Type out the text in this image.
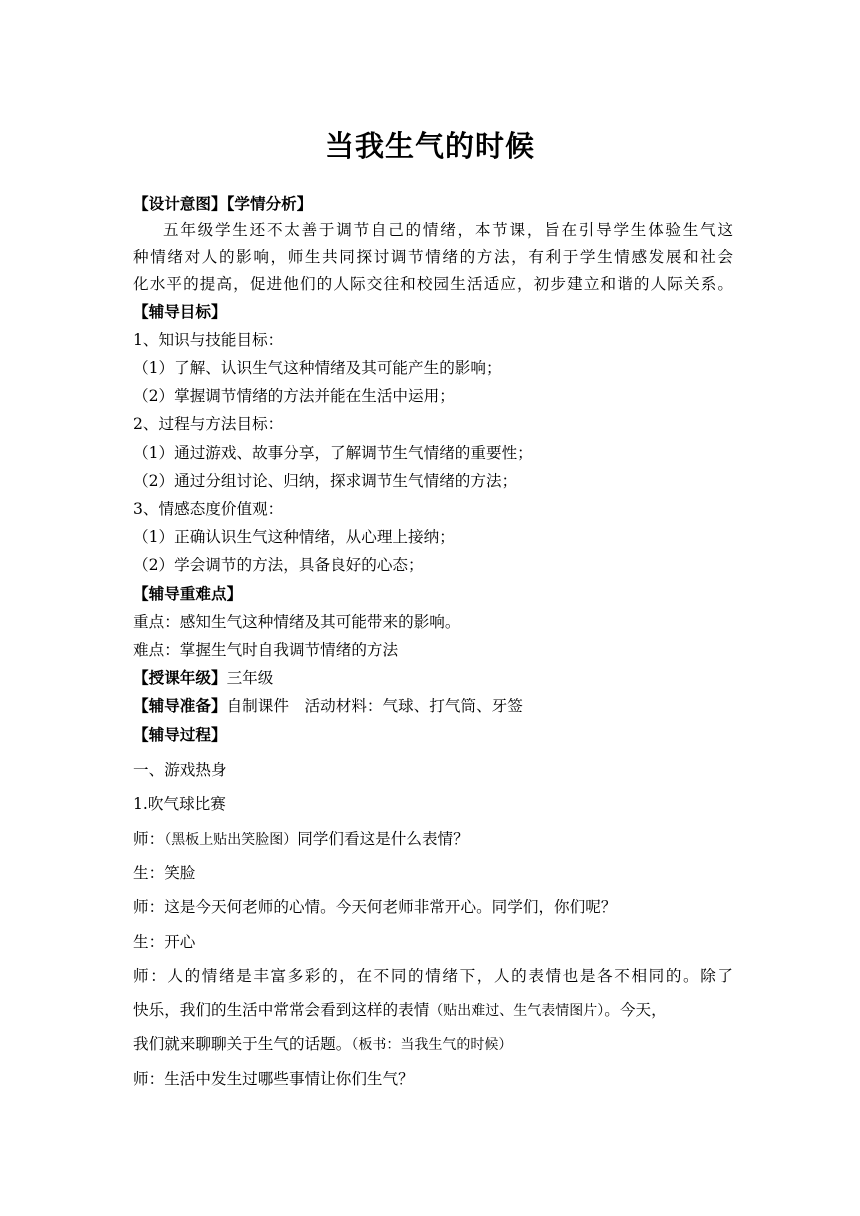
当我生气的时候
【设计意图】【学情分析】
五年级学生还不太善于调节自己的情绪，本节课，旨在引导学生体验生气这
种情绪对人的影响，师生共同探讨调节情绪的方法，有利于学生情感发展和社会
化水平的提高，促进他们的人际交往和校园生活适应，初步建立和谐的人际关系。
【辅导目标】
1、知识与技能目标：
（1）了解、认识生气这种情绪及其可能产生的影响；
（2）掌握调节情绪的方法并能在生活中运用；
2、过程与方法目标：
（1）通过游戏、故事分享，了解调节生气情绪的重要性；
（2）通过分组讨论、归纳，探求调节生气情绪的方法；
3、情感态度价值观：
（1）正确认识生气这种情绪，从心理上接纳；
（2）学会调节的方法，具备良好的心态；
【辅导重难点】
重点：感知生气这种情绪及其可能带来的影响。
难点：掌握生气时自我调节情绪的方法
【授课年级】三年级
【辅导准备】自制课件　活动材料：气球、打气筒、牙签
【辅导过程】
一、游戏热身
1.吹气球比赛
师：（黑板上贴出笑脸图）同学们看这是什么表情？
生：笑脸
师：这是今天何老师的心情。今天何老师非常开心。同学们，你们呢？
生：开心
师：人的情绪是丰富多彩的，在不同的情绪下，人的表情也是各不相同的。除了
快乐，我们的生活中常常会看到这样的表情（贴出难过、生气表情图片）。今天，
我们就来聊聊关于生气的话题。（板书：当我生气的时候）
师：生活中发生过哪些事情让你们生气？
